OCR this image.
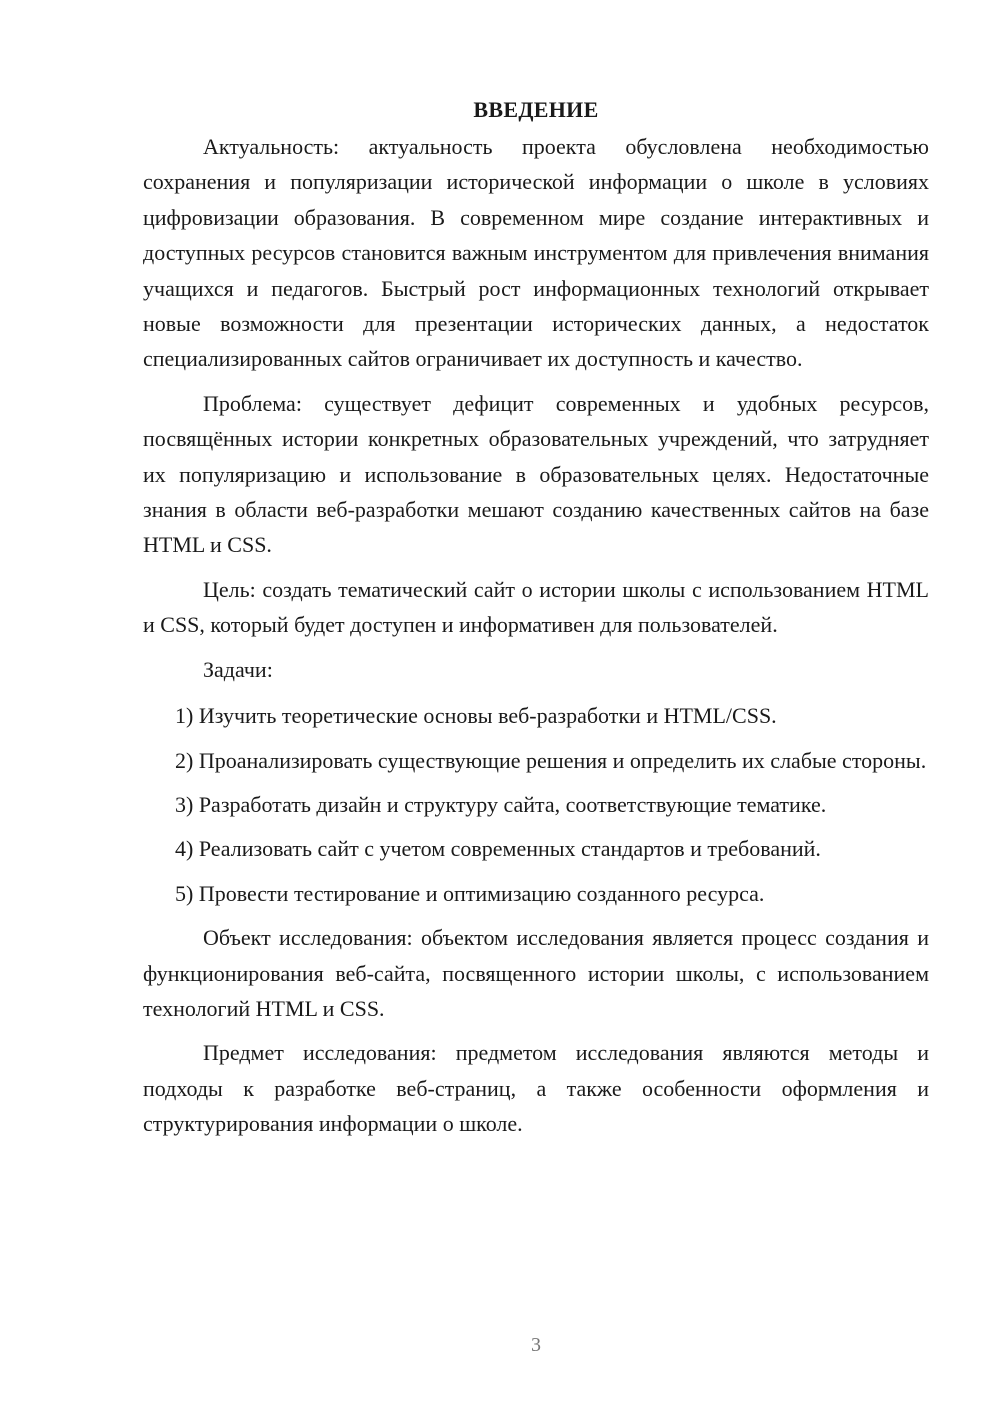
ВВЕДЕНИЕ

Актуальность: актуальность проекта обусловлена необходимостью сохранения и популяризации исторической информации о школе в условиях цифровизации образования. В современном мире создание интерактивных и доступных ресурсов становится важным инструментом для привлечения внимания учащихся и педагогов. Быстрый рост информационных технологий открывает новые возможности для презентации исторических данных, а недостаток специализированных сайтов ограничивает их доступность и качество.

Проблема: существует дефицит современных и удобных ресурсов, посвящённых истории конкретных образовательных учреждений, что затрудняет их популяризацию и использование в образовательных целях. Недостаточные знания в области веб-разработки мешают созданию качественных сайтов на базе HTML и CSS.

Цель: создать тематический сайт о истории школы с использованием HTML и CSS, который будет доступен и информативен для пользователей.

Задачи:

1) Изучить теоретические основы веб-разработки и HTML/CSS.

2) Проанализировать существующие решения и определить их слабые стороны.

3) Разработать дизайн и структуру сайта, соответствующие тематике.

4) Реализовать сайт с учетом современных стандартов и требований.

5) Провести тестирование и оптимизацию созданного ресурса.

Объект исследования: объектом исследования является процесс создания и функционирования веб-сайта, посвященного истории школы, с использованием технологий HTML и CSS.

Предмет исследования: предметом исследования являются методы и подходы к разработке веб-страниц, а также особенности оформления и структурирования информации о школе.

3
